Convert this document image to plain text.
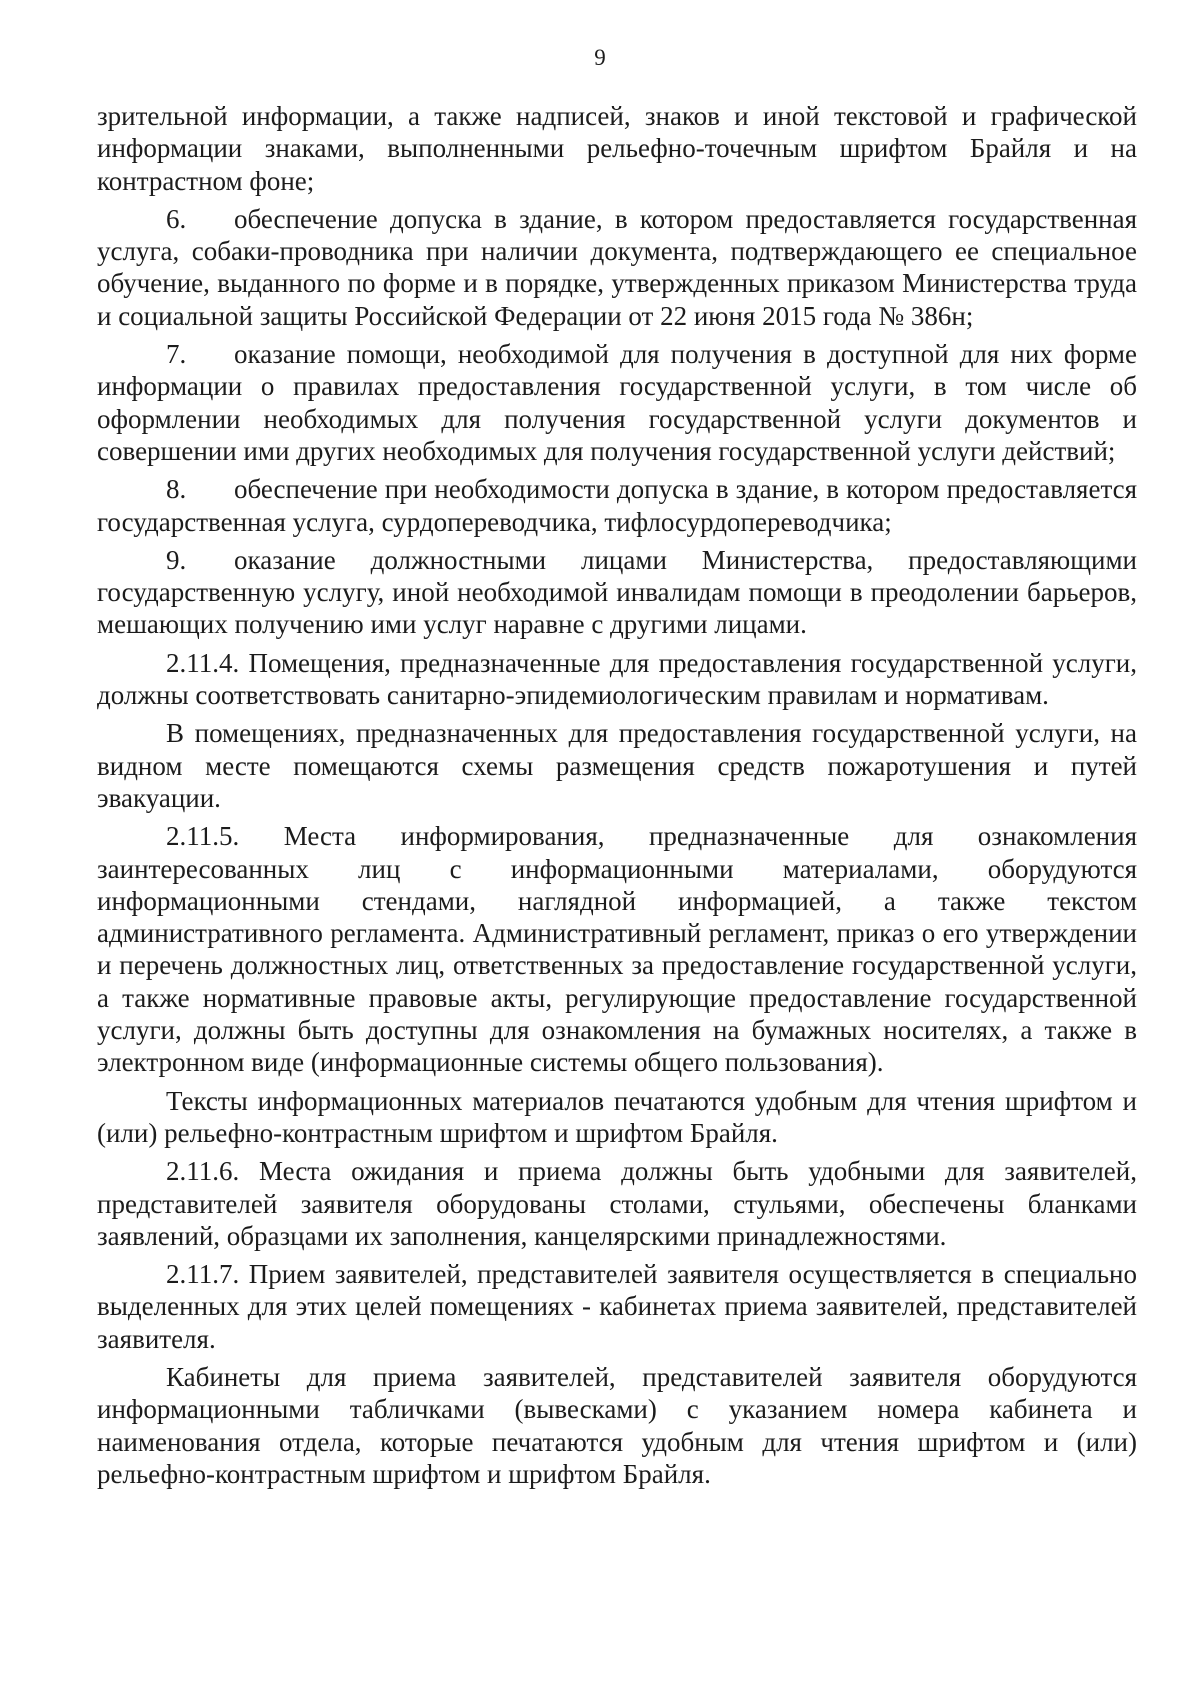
9

зрительной информации, а также надписей, знаков и иной текстовой и графической информации знаками, выполненными рельефно-точечным шрифтом Брайля и на контрастном фоне;

6. обеспечение допуска в здание, в котором предоставляется государственная услуга, собаки-проводника при наличии документа, подтверждающего ее специальное обучение, выданного по форме и в порядке, утвержденных приказом Министерства труда и социальной защиты Российской Федерации от 22 июня 2015 года № 386н;

7. оказание помощи, необходимой для получения в доступной для них форме информации о правилах предоставления государственной услуги, в том числе об оформлении необходимых для получения государственной услуги документов и совершении ими других необходимых для получения государственной услуги действий;

8. обеспечение при необходимости допуска в здание, в котором предоставляется государственная услуга, сурдопереводчика, тифлосурдопереводчика;

9. оказание должностными лицами Министерства, предоставляющими государственную услугу, иной необходимой инвалидам помощи в преодолении барьеров, мешающих получению ими услуг наравне с другими лицами.

2.11.4. Помещения, предназначенные для предоставления государственной услуги, должны соответствовать санитарно-эпидемиологическим правилам и нормативам.

В помещениях, предназначенных для предоставления государственной услуги, на видном месте помещаются схемы размещения средств пожаротушения и путей эвакуации.

2.11.5. Места информирования, предназначенные для ознакомления заинтересованных лиц с информационными материалами, оборудуются информационными стендами, наглядной информацией, а также текстом административного регламента. Административный регламент, приказ о его утверждении и перечень должностных лиц, ответственных за предоставление государственной услуги, а также нормативные правовые акты, регулирующие предоставление государственной услуги, должны быть доступны для ознакомления на бумажных носителях, а также в электронном виде (информационные системы общего пользования).

Тексты информационных материалов печатаются удобным для чтения шрифтом и (или) рельефно-контрастным шрифтом и шрифтом Брайля.

2.11.6. Места ожидания и приема должны быть удобными для заявителей, представителей заявителя оборудованы столами, стульями, обеспечены бланками заявлений, образцами их заполнения, канцелярскими принадлежностями.

2.11.7. Прием заявителей, представителей заявителя осуществляется в специально выделенных для этих целей помещениях - кабинетах приема заявителей, представителей заявителя.

Кабинеты для приема заявителей, представителей заявителя оборудуются информационными табличками (вывесками) с указанием номера кабинета и наименования отдела, которые печатаются удобным для чтения шрифтом и (или) рельефно-контрастным шрифтом и шрифтом Брайля.
